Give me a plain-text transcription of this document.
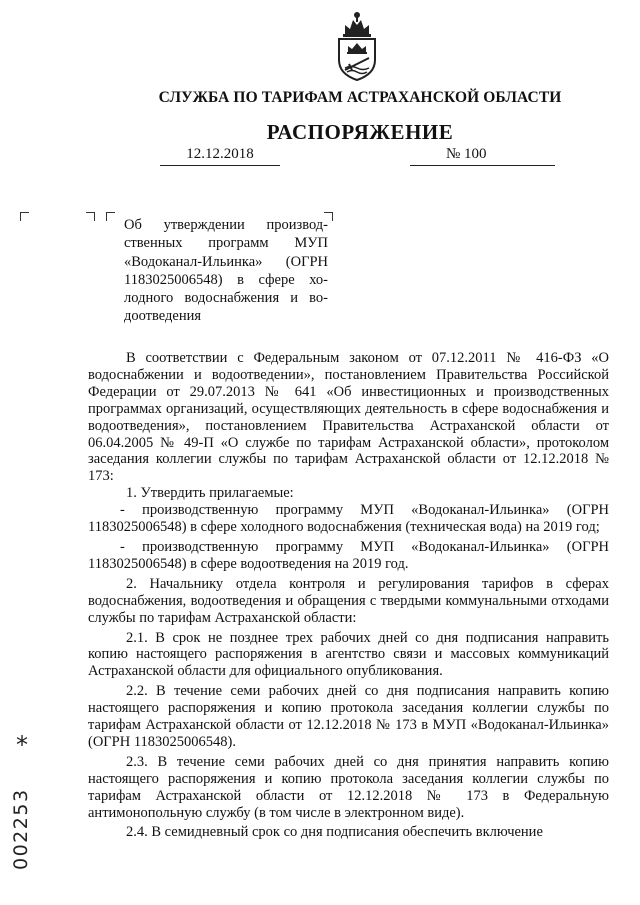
СЛУЖБА ПО ТАРИФАМ АСТРАХАНСКОЙ ОБЛАСТИ
РАСПОРЯЖЕНИЕ
12.12.2018	№ 100
Об утверждении производ-ственных программ МУП «Водоканал-Ильинка» (ОГРН 1183025006548) в сфере хо-лодного водоснабжения и во-доотведения

В соответствии с Федеральным законом от 07.12.2011 № 416-ФЗ «О водоснабжении и водоотведении», постановлением Правительства Российской Федерации от 29.07.2013 № 641 «Об инвестиционных и производственных программах организаций, осуществляющих деятельность в сфере водоснабжения и водоотведения», постановлением Правительства Астраханской области от 06.04.2005 № 49-П «О службе по тарифам Астраханской области», протоколом заседания коллегии службы по тарифам Астраханской области от 12.12.2018 № 173:

1. Утвердить прилагаемые:

- производственную программу МУП «Водоканал-Ильинка» (ОГРН 1183025006548) в сфере холодного водоснабжения (техническая вода) на 2019 год;

- производственную программу МУП «Водоканал-Ильинка» (ОГРН 1183025006548) в сфере водоотведения на 2019 год.

2. Начальнику отдела контроля и регулирования тарифов в сферах водоснабжения, водоотведения и обращения с твердыми коммунальными отходами службы по тарифам Астраханской области:

2.1. В срок не позднее трех рабочих дней со дня подписания направить копию настоящего распоряжения в агентство связи и массовых коммуникаций Астраханской области для официального опубликования.

2.2. В течение семи рабочих дней со дня подписания направить копию настоящего распоряжения и копию протокола заседания коллегии службы по тарифам Астраханской области от 12.12.2018 № 173 в МУП «Водоканал-Ильинка» (ОГРН 1183025006548).

2.3. В течение семи рабочих дней со дня принятия направить копию настоящего распоряжения и копию протокола заседания коллегии службы по тарифам Астраханской области от 12.12.2018 № 173 в Федеральную антимонопольную службу (в том числе в электронном виде).

2.4. В семидневный срок со дня подписания обеспечить включение

*
002253
